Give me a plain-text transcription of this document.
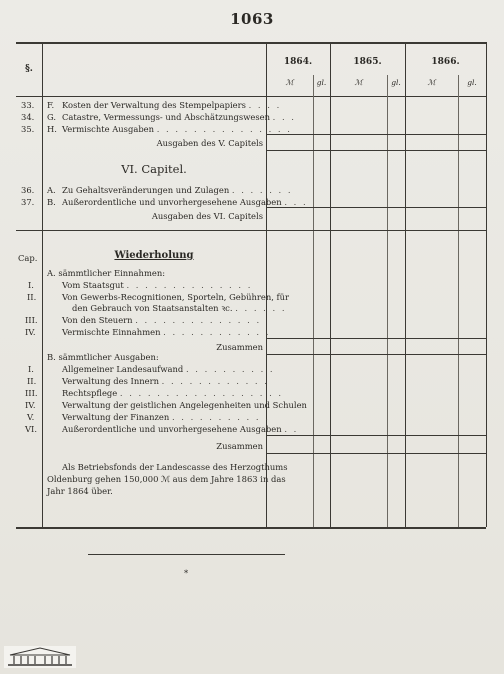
1063
§.
1864.	1865.	1866.
ℳ	gl.	ℳ	gl.	ℳ	gl.
33. F. Kosten der Verwaltung des Stempelpapiers . . . .
34. G. Catastre, Vermessungs- und Abschätzungswesen . . .
35. H. Vermischte Ausgaben . . . . . . . . . . . . . . .
Ausgaben des V. Capitels
VI. Capitel.
36. A. Zu Gehaltsveränderungen und Zulagen . . . . . . .
37. B. Außerordentliche und unvorhergesehene Ausgaben . . .
Ausgaben des VI. Capitels
Cap.	Wiederholung
A. sämmtlicher Einnahmen:
I.	Vom Staatsgut . . . . . . . . . . . . . .
II.	Von Gewerbs-Recognitionen, Sporteln, Gebühren, für
den Gebrauch von Staatsanstalten ꝛc. . . . . . .
III.	Von den Steuern . . . . . . . . . . . . . .
IV.	Vermischte Einnahmen . . . . . . . . . . . .
Zusammen
B. sämmtlicher Ausgaben:
I.	Allgemeiner Landesaufwand . . . . . . . . . .
II.	Verwaltung des Innern . . . . . . . . . . . .
III.	Rechtspflege . . . . . . . . . . . . . . . . . .
IV.	Verwaltung der geistlichen Angelegenheiten und Schulen
V.	Verwaltung der Finanzen . . . . . . . . . . .
VI.	Außerordentliche und unvorhergesehene Ausgaben . .
Zusammen
Als Betriebsfonds der Landescasse des Herzogthums
Oldenburg gehen 150,000 ℳ aus dem Jahre 1863 in das
Jahr 1864 über.
*
